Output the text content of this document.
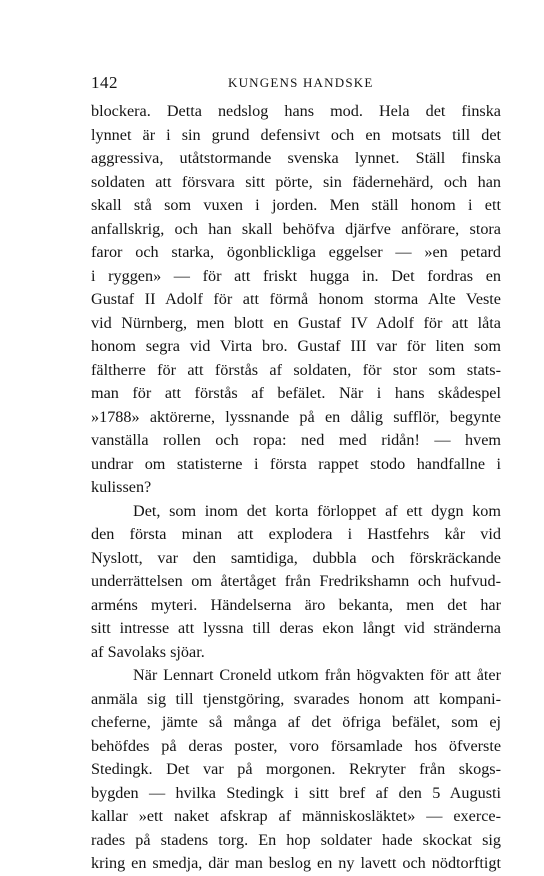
142	KUNGENS HANDSKE
blockera. Detta nedslog hans mod. Hela det finska
lynnet är i sin grund defensivt och en motsats till det
aggressiva, utåtstormande svenska lynnet. Ställ finska
soldaten att försvara sitt pörte, sin fädernehärd, och han
skall stå som vuxen i jorden. Men ställ honom i ett
anfallskrig, och han skall behöfva djärfve anförare, stora
faror och starka, ögonblickliga eggelser — »en petard
i ryggen» — för att friskt hugga in. Det fordras en
Gustaf II Adolf för att förmå honom storma Alte Veste
vid Nürnberg, men blott en Gustaf IV Adolf för att låta
honom segra vid Virta bro. Gustaf III var för liten som
fältherre för att förstås af soldaten, för stor som stats-
man för att förstås af befälet. När i hans skådespel
»1788» aktörerne, lyssnande på en dålig sufflör, begynte
vanställa rollen och ropa: ned med ridån! — hvem
undrar om statisterne i första rappet stodo handfallne i
kulissen?
Det, som inom det korta förloppet af ett dygn kom
den första minan att explodera i Hastfehrs kår vid
Nyslott, var den samtidiga, dubbla och förskräckande
underrättelsen om återtåget från Fredrikshamn och hufvud-
arméns myteri. Händelserna äro bekanta, men det har
sitt intresse att lyssna till deras ekon långt vid stränderna
af Savolaks sjöar.
När Lennart Croneld utkom från högvakten för att åter
anmäla sig till tjenstgöring, svarades honom att kompani-
cheferne, jämte så många af det öfriga befälet, som ej
behöfdes på deras poster, voro församlade hos öfverste
Stedingk. Det var på morgonen. Rekryter från skogs-
bygden — hvilka Stedingk i sitt bref af den 5 Augusti
kallar »ett naket afskrap af människosläktet» — exerce-
rades på stadens torg. En hop soldater hade skockat sig
kring en smedja, där man beslog en ny lavett och nödtorftigt
